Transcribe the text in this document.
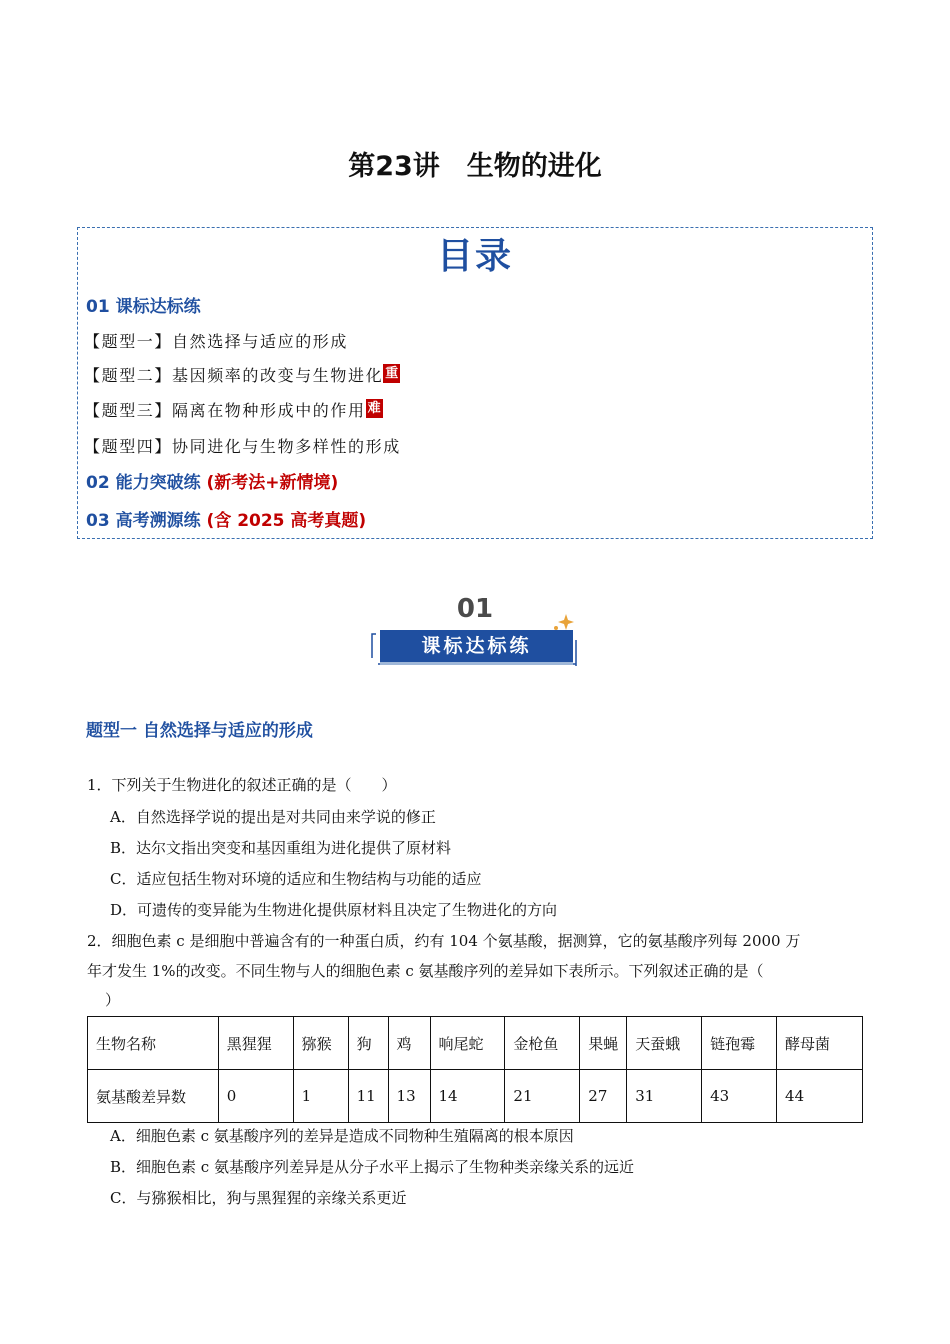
第23讲　生物的进化
目录
01 课标达标练
【题型一】自然选择与适应的形成
【题型二】基因频率的改变与生物进化 重
【题型三】隔离在物种形成中的作用 难
【题型四】协同进化与生物多样性的形成
02 能力突破练 (新考法+新情境)
03 高考溯源练 (含 2025 高考真题)
01
课标达标练
题型一 自然选择与适应的形成
1．下列关于生物进化的叙述正确的是（　　）
A．自然选择学说的提出是对共同由来学说的修正
B．达尔文指出突变和基因重组为进化提供了原材料
C．适应包括生物对环境的适应和生物结构与功能的适应
D．可遗传的变异能为生物进化提供原材料且决定了生物进化的方向
2．细胞色素 c 是细胞中普遍含有的一种蛋白质，约有 104 个氨基酸，据测算，它的氨基酸序列每 2000 万
年才发生 1%的改变。不同生物与人的细胞色素 c 氨基酸序列的差异如下表所示。下列叙述正确的是（
）
生物名称	黑猩猩	猕猴	狗	鸡	响尾蛇	金枪鱼	果蝇	天蚕蛾	链孢霉	酵母菌
氨基酸差异数	0	1	11	13	14	21	27	31	43	44
A．细胞色素 c 氨基酸序列的差异是造成不同物种生殖隔离的根本原因
B．细胞色素 c 氨基酸序列差异是从分子水平上揭示了生物种类亲缘关系的远近
C．与猕猴相比，狗与黑猩猩的亲缘关系更近
